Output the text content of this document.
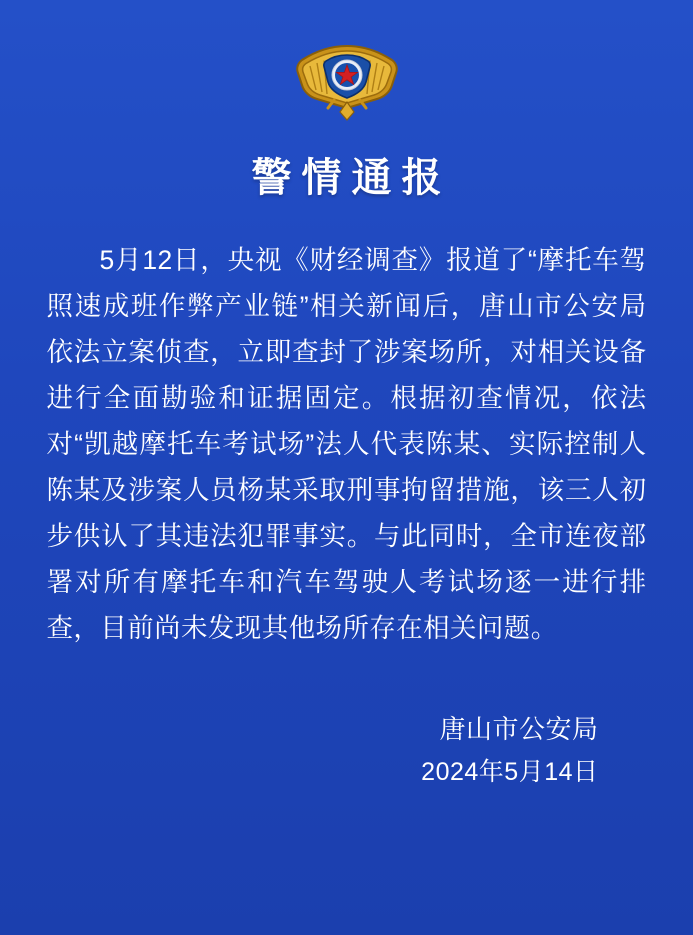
警情通报
5月12日，央视《财经调查》报道了“摩托车驾照速成班作弊产业链”相关新闻后，唐山市公安局依法立案侦查，立即查封了涉案场所，对相关设备进行全面勘验和证据固定。根据初查情况，依法对“凯越摩托车考试场”法人代表陈某、实际控制人陈某及涉案人员杨某采取刑事拘留措施，该三人初步供认了其违法犯罪事实。与此同时，全市连夜部署对所有摩托车和汽车驾驶人考试场逐一进行排查，目前尚未发现其他场所存在相关问题。
唐山市公安局
2024年5月14日
